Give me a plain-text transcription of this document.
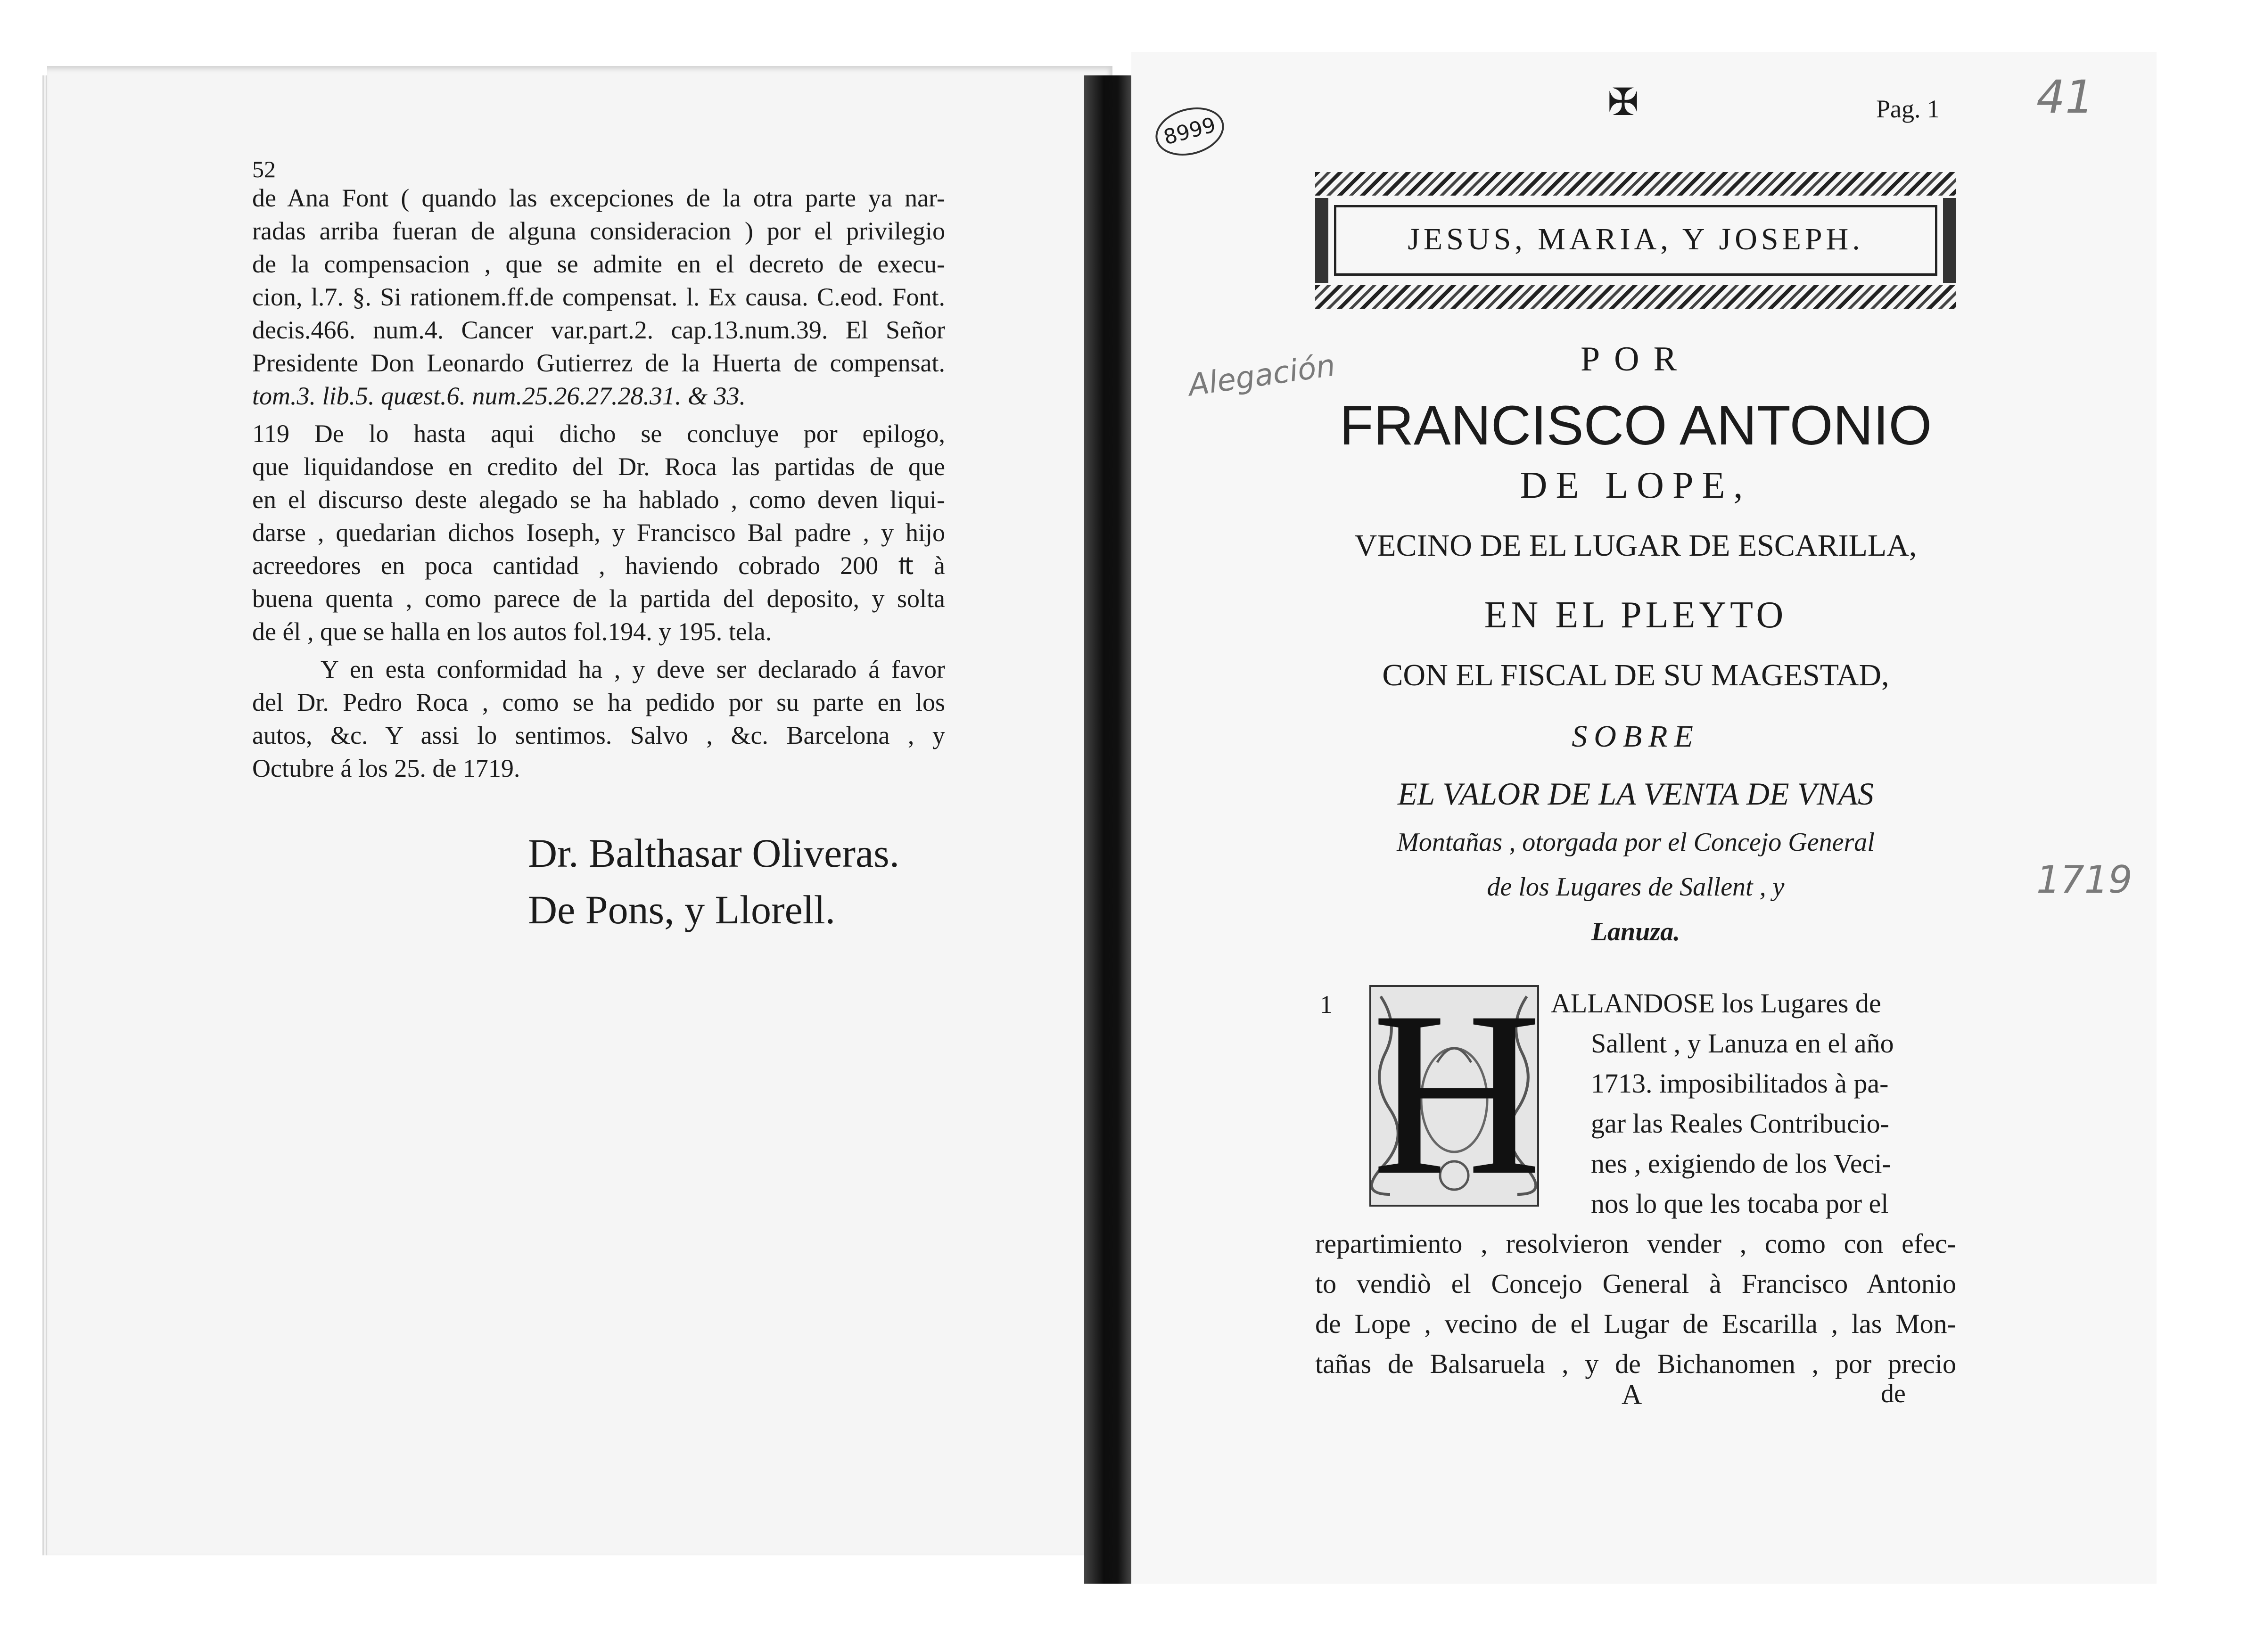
52
de Ana Font ( quando las excepciones de la otra parte ya nar-
radas arriba fueran de alguna consideracion ) por el privilegio
de la compensacion , que se admite en el decreto de execu-
cion, l.7. §. Si rationem.ff.de compensat. l. Ex causa. C.eod. Font.
decis.466. num.4. Cancer var.part.2. cap.13.num.39. El Señor
Presidente Don Leonardo Gutierrez de la Huerta de compensat.
tom.3. lib.5. quæst.6. num.25.26.27.28.31. & 33.
119 De lo hasta aqui dicho se concluye por epilogo,
que liquidandose en credito del Dr. Roca las partidas de que
en el discurso deste alegado se ha hablado , como deven liqui-
darse , quedarian dichos Ioseph, y Francisco Bal padre , y hijo
acreedores en poca cantidad , haviendo cobrado 200 ₶ à
buena quenta , como parece de la partida del deposito, y solta
de él , que se halla en los autos fol.194. y 195. tela.
Y en esta conformidad ha , y deve ser declarado á favor
del Dr. Pedro Roca , como se ha pedido por su parte en los
autos, &c. Y assi lo sentimos. Salvo , &c. Barcelona , y
Octubre á los 25. de 1719.
Dr. Balthasar Oliveras.
De Pons, y Llorell.
✠	Pag. 1
JESUS, MARIA, Y JOSEPH.
POR
FRANCISCO ANTONIO
DE LOPE,
VECINO DE EL LUGAR DE ESCARILLA,
EN EL PLEYTO
CON EL FISCAL DE SU MAGESTAD,
SOBRE
EL VALOR DE LA VENTA DE VNAS
Montañas , otorgada por el Concejo General
de los Lugares de Sallent , y
Lanuza.
1 H ALLANDOSE los Lugares de
Sallent , y Lanuza en el año
1713. imposibilitados à pa-
gar las Reales Contribucio-
nes , exigiendo de los Veci-
nos lo que les tocaba por el
repartimiento , resolvieron vender , como con efec-
to vendiò el Concejo General à Francisco Antonio
de Lope , vecino de el Lugar de Escarilla , las Mon-
tañas de Balsaruela , y de Bichanomen , por precio
A	de
8999
41
Alegación
1719
